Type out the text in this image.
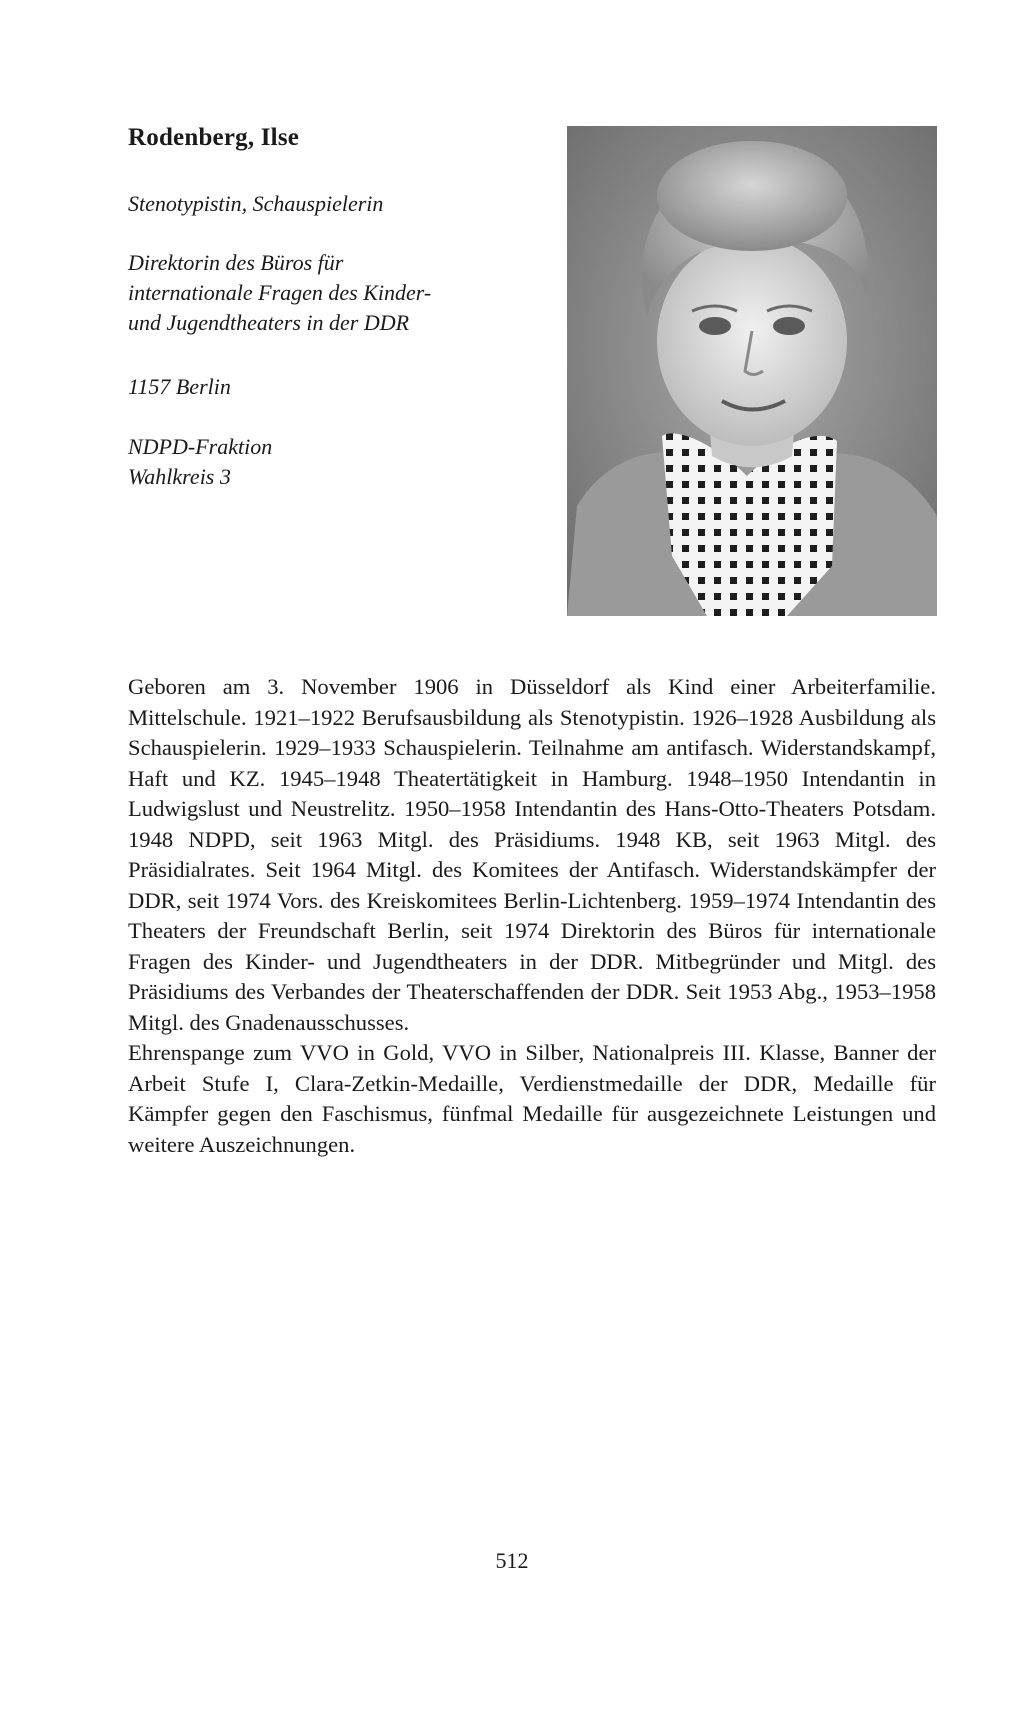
Rodenberg, Ilse

Stenotypistin, Schauspielerin

Direktorin des Büros für internationale Fragen des Kinder- und Jugendtheaters in der DDR

1157 Berlin

NDPD-Fraktion
Wahlkreis 3

Geboren am 3. November 1906 in Düsseldorf als Kind einer Arbeiterfamilie. Mittelschule. 1921–1922 Berufsausbildung als Stenotypistin. 1926–1928 Ausbildung als Schauspielerin. 1929–1933 Schauspielerin. Teilnahme am antifasch. Widerstandskampf, Haft und KZ. 1945–1948 Theatertätigkeit in Hamburg. 1948–1950 Intendantin in Ludwigslust und Neustrelitz. 1950–1958 Intendantin des Hans-Otto-Theaters Potsdam. 1948 NDPD, seit 1963 Mitgl. des Präsidiums. 1948 KB, seit 1963 Mitgl. des Präsidialrates. Seit 1964 Mitgl. des Komitees der Antifasch. Widerstandskämpfer der DDR, seit 1974 Vors. des Kreiskomitees Berlin-Lichtenberg. 1959–1974 Intendantin des Theaters der Freundschaft Berlin, seit 1974 Direktorin des Büros für internationale Fragen des Kinder- und Jugendtheaters in der DDR. Mitbegründer und Mitgl. des Präsidiums des Verbandes der Theaterschaffenden der DDR. Seit 1953 Abg., 1953–1958 Mitgl. des Gnadenausschusses.

Ehrenspange zum VVO in Gold, VVO in Silber, Nationalpreis III. Klasse, Banner der Arbeit Stufe I, Clara-Zetkin-Medaille, Verdienstmedaille der DDR, Medaille für Kämpfer gegen den Faschismus, fünfmal Medaille für ausgezeichnete Leistungen und weitere Auszeichnungen.

512
